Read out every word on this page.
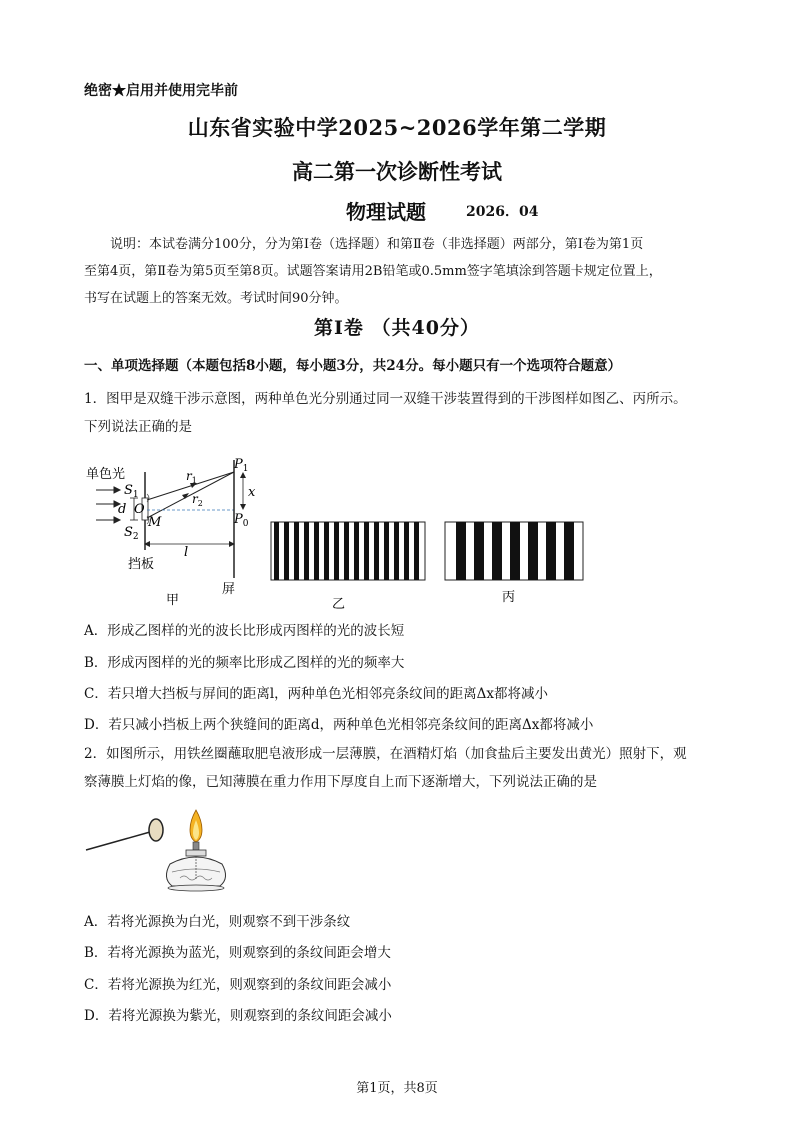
绝密★启用并使用完毕前
山东省实验中学2025~2026学年第二学期
高二第一次诊断性考试
物理试题	2026．04

说明：本试卷满分100分，分为第Ⅰ卷（选择题）和第Ⅱ卷（非选择题）两部分，第Ⅰ卷为第1页

至第4页，第Ⅱ卷为第5页至第8页。试题答案请用2B铅笔或0.5mm签字笔填涂到答题卡规定位置上，

书写在试题上的答案无效。考试时间90分钟。

第Ⅰ卷 （共40分）
一、单项选择题（本题包括8小题，每小题3分，共24分。每小题只有一个选项符合题意）
1．图甲是双缝干涉示意图，两种单色光分别通过同一双缝干涉装置得到的干涉图样如图乙、丙所示。
下列说法正确的是
单色光
$S_1$
$S_2$
d O
M
$r_1$
$r_2$
$P_1$
$P_0$
x
l
挡板
屏
甲	乙	丙
A．形成乙图样的光的波长比形成丙图样的光的波长短
B．形成丙图样的光的频率比形成乙图样的光的频率大
C．若只增大挡板与屏间的距离l，两种单色光相邻亮条纹间的距离Δx都将减小
D．若只减小挡板上两个狭缝间的距离d，两种单色光相邻亮条纹间的距离Δx都将减小
2．如图所示，用铁丝圈蘸取肥皂液形成一层薄膜，在酒精灯焰（加食盐后主要发出黄光）照射下，观
察薄膜上灯焰的像，已知薄膜在重力作用下厚度自上而下逐渐增大，下列说法正确的是
A．若将光源换为白光，则观察不到干涉条纹
B．若将光源换为蓝光，则观察到的条纹间距会增大
C．若将光源换为红光，则观察到的条纹间距会减小
D．若将光源换为紫光，则观察到的条纹间距会减小
第1页，共8页
